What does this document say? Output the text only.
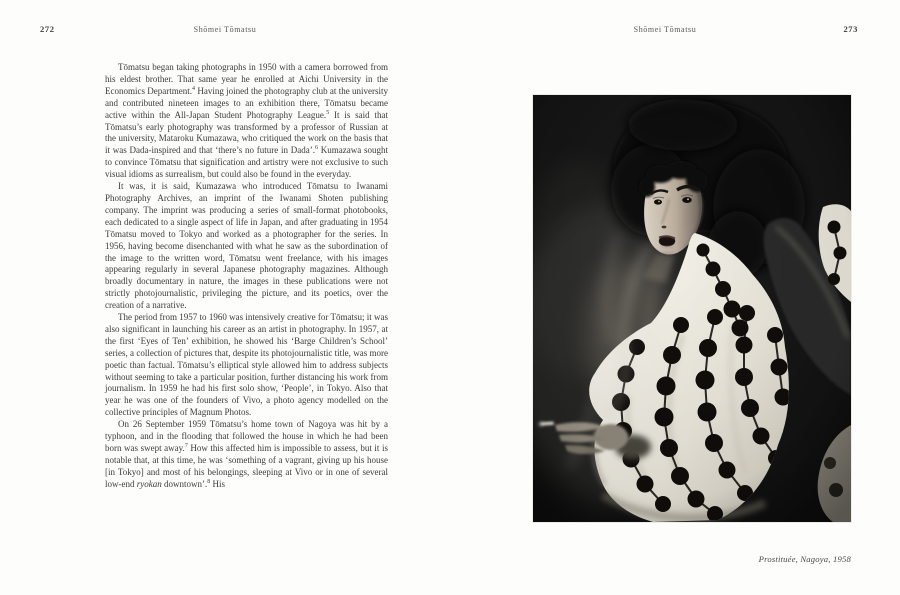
272	Shōmei Tōmatsu	Shōmei Tōmatsu	273

Tōmatsu began taking photographs in 1950 with a camera borrowed from his eldest brother. That same year he enrolled at Aichi University in the Economics Department.$^4$ Having joined the photography club at the university and contributed nineteen images to an exhibition there, Tōmatsu became active within the All-Japan Student Photography League.$^5$ It is said that Tōmatsu’s early photography was transformed by a professor of Russian at the university, Mataroku Kumazawa, who critiqued the work on the basis that it was Dada-inspired and that ‘there’s no future in Dada’.$^6$ Kumazawa sought to convince Tōmatsu that signification and artistry were not exclusive to such visual idioms as surrealism, but could also be found in the everyday.

It was, it is said, Kumazawa who introduced Tōmatsu to Iwanami Photography Archives, an imprint of the Iwanami Shoten publishing company. The imprint was producing a series of small-format photobooks, each dedicated to a single aspect of life in Japan, and after graduating in 1954 Tōmatsu moved to Tokyo and worked as a photographer for the series. In 1956, having become disenchanted with what he saw as the subordination of the image to the written word, Tōmatsu went freelance, with his images appearing regularly in several Japanese photography magazines. Although broadly documentary in nature, the images in these publications were not strictly photojournalistic, privileging the picture, and its poetics, over the creation of a narrative.

The period from 1957 to 1960 was intensively creative for Tōmatsu; it was also significant in launching his career as an artist in photography. In 1957, at the first ‘Eyes of Ten’ exhibition, he showed his ‘Barge Children’s School’ series, a collection of pictures that, despite its photojournalistic title, was more poetic than factual. Tōmatsu’s elliptical style allowed him to address subjects without seeming to take a particular position, further distancing his work from journalism. In 1959 he had his first solo show, ‘People’, in Tokyo. Also that year he was one of the founders of Vivo, a photo agency modelled on the collective principles of Magnum Photos.

On 26 September 1959 Tōmatsu’s home town of Nagoya was hit by a typhoon, and in the flooding that followed the house in which he had been born was swept away.$^7$ How this affected him is impossible to assess, but it is notable that, at this time, he was ‘something of a vagrant, giving up his house [in Tokyo] and most of his belongings, sleeping at Vivo or in one of several low-end ryokan downtown’.$^8$ His

Prostituée, Nagoya, 1958
